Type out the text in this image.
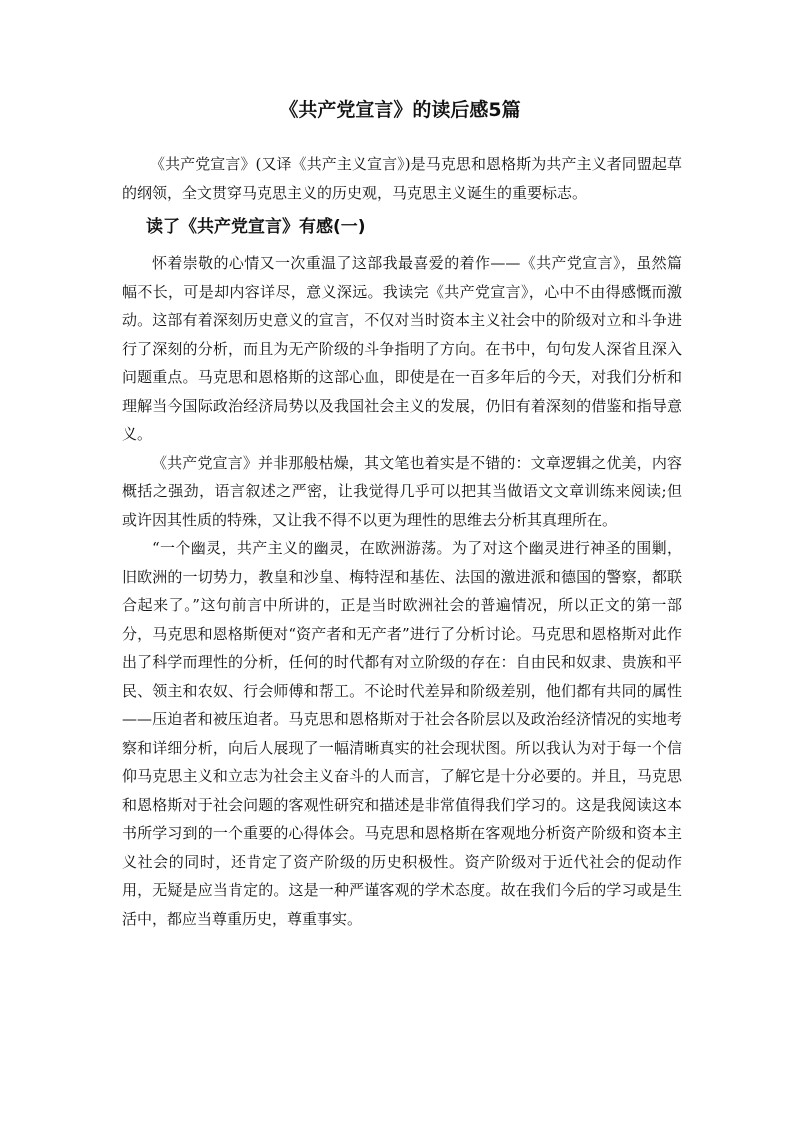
《共产党宣言》的读后感5篇

《共产党宣言》(又译《共产主义宣言》)是马克思和恩格斯为共产主义者同盟起草的纲领，全文贯穿马克思主义的历史观，马克思主义诞生的重要标志。

读了《共产党宣言》有感(一)

怀着崇敬的心情又一次重温了这部我最喜爱的着作——《共产党宣言》，虽然篇幅不长，可是却内容详尽，意义深远。我读完《共产党宣言》，心中不由得感慨而激动。这部有着深刻历史意义的宣言，不仅对当时资本主义社会中的阶级对立和斗争进行了深刻的分析，而且为无产阶级的斗争指明了方向。在书中，句句发人深省且深入问题重点。马克思和恩格斯的这部心血，即使是在一百多年后的今天，对我们分析和理解当今国际政治经济局势以及我国社会主义的发展，仍旧有着深刻的借鉴和指导意义。

《共产党宣言》并非那般枯燥，其文笔也着实是不错的：文章逻辑之优美，内容概括之强劲，语言叙述之严密，让我觉得几乎可以把其当做语文文章训练来阅读;但或许因其性质的特殊，又让我不得不以更为理性的思维去分析其真理所在。

“一个幽灵，共产主义的幽灵，在欧洲游荡。为了对这个幽灵进行神圣的围剿，旧欧洲的一切势力，教皇和沙皇、梅特涅和基佐、法国的激进派和德国的警察，都联合起来了。”这句前言中所讲的，正是当时欧洲社会的普遍情况，所以正文的第一部分，马克思和恩格斯便对“资产者和无产者”进行了分析讨论。马克思和恩格斯对此作出了科学而理性的分析，任何的时代都有对立阶级的存在：自由民和奴隶、贵族和平民、领主和农奴、行会师傅和帮工。不论时代差异和阶级差别，他们都有共同的属性——压迫者和被压迫者。马克思和恩格斯对于社会各阶层以及政治经济情况的实地考察和详细分析，向后人展现了一幅清晰真实的社会现状图。所以我认为对于每一个信仰马克思主义和立志为社会主义奋斗的人而言，了解它是十分必要的。并且，马克思和恩格斯对于社会问题的客观性研究和描述是非常值得我们学习的。这是我阅读这本书所学习到的一个重要的心得体会。马克思和恩格斯在客观地分析资产阶级和资本主义社会的同时，还肯定了资产阶级的历史积极性。资产阶级对于近代社会的促动作用，无疑是应当肯定的。这是一种严谨客观的学术态度。故在我们今后的学习或是生活中，都应当尊重历史，尊重事实。
